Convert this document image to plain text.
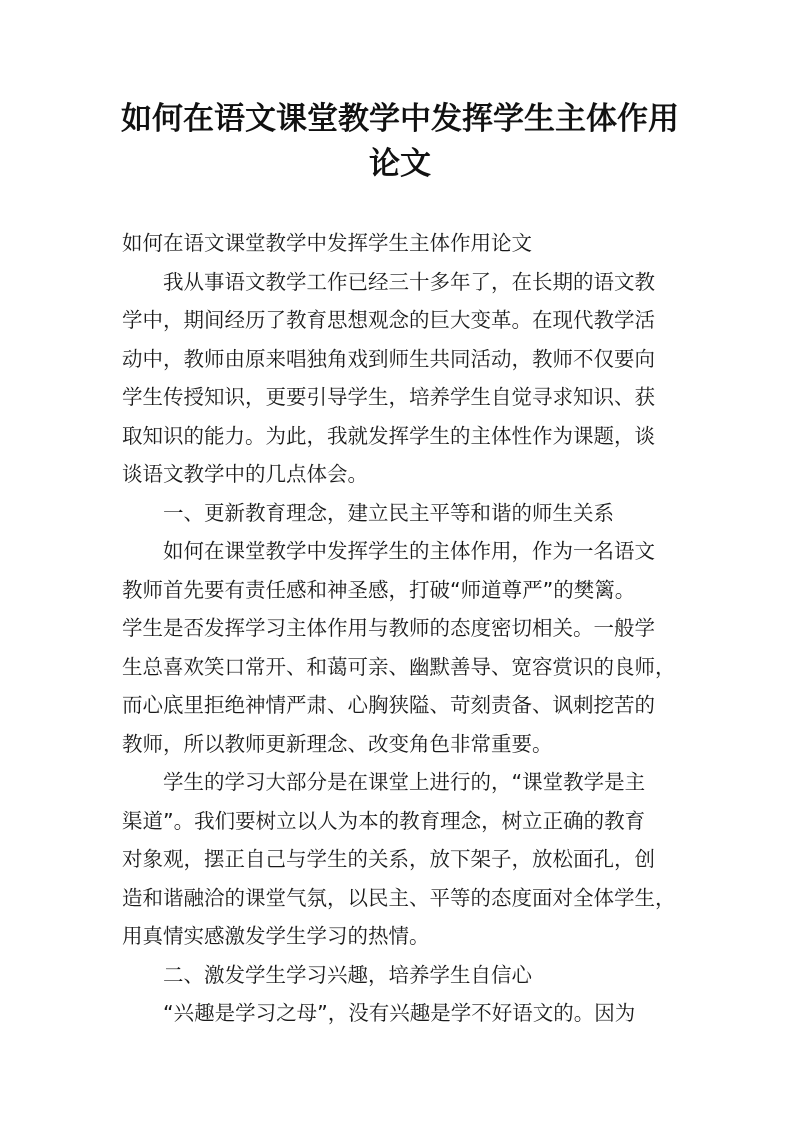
如何在语文课堂教学中发挥学生主体作用
论文

如何在语文课堂教学中发挥学生主体作用论文

我从事语文教学工作已经三十多年了，在长期的语文教
学中，期间经历了教育思想观念的巨大变革。在现代教学活
动中，教师由原来唱独角戏到师生共同活动，教师不仅要向
学生传授知识，更要引导学生，培养学生自觉寻求知识、获
取知识的能力。为此，我就发挥学生的主体性作为课题，谈
谈语文教学中的几点体会。

一、更新教育理念，建立民主平等和谐的师生关系

如何在课堂教学中发挥学生的主体作用，作为一名语文
教师首先要有责任感和神圣感，打破“师道尊严”的樊篱。
学生是否发挥学习主体作用与教师的态度密切相关。一般学
生总喜欢笑口常开、和蔼可亲、幽默善导、宽容赏识的良师，
而心底里拒绝神情严肃、心胸狭隘、苛刻责备、讽刺挖苦的
教师，所以教师更新理念、改变角色非常重要。

学生的学习大部分是在课堂上进行的，“课堂教学是主
渠道”。我们要树立以人为本的教育理念，树立正确的教育
对象观，摆正自己与学生的关系，放下架子，放松面孔，创
造和谐融洽的课堂气氛，以民主、平等的态度面对全体学生，
用真情实感激发学生学习的热情。

二、激发学生学习兴趣，培养学生自信心

“兴趣是学习之母”，没有兴趣是学不好语文的。因为
